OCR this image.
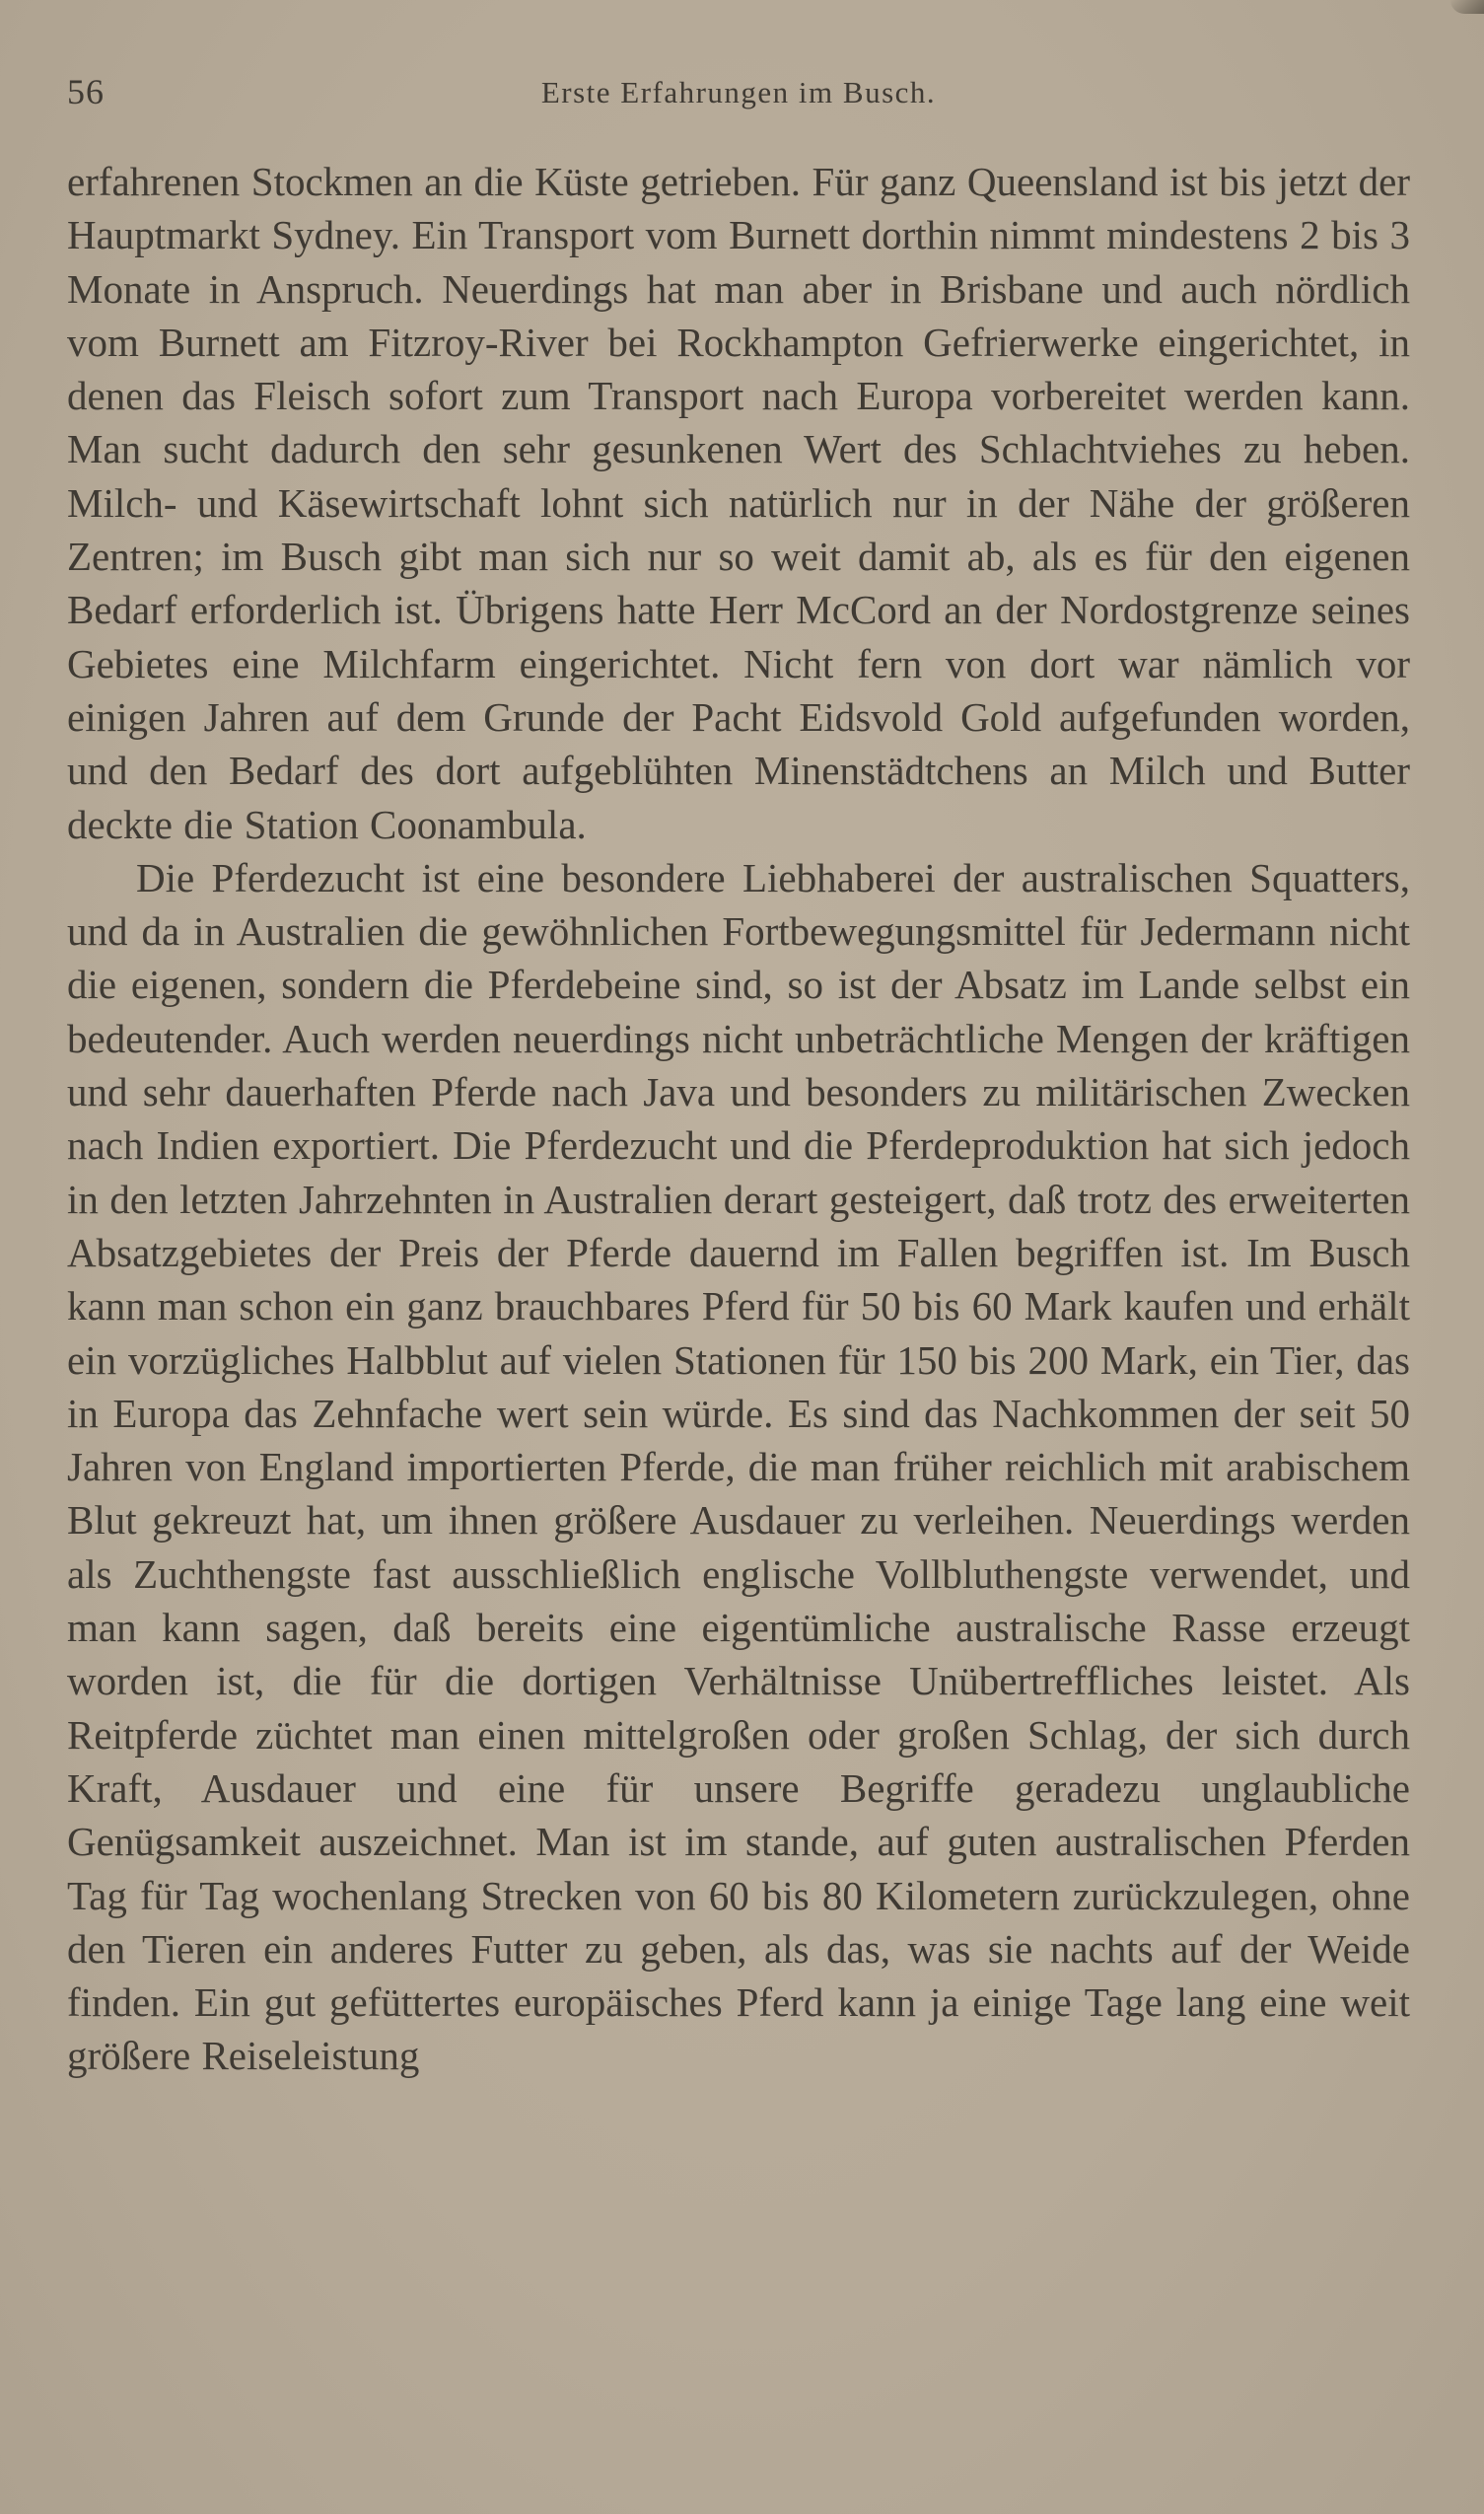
56	Erste Erfahrungen im Busch.

erfahrenen Stockmen an die Küste getrieben. Für ganz Queensland ist bis jetzt der Hauptmarkt Sydney. Ein Transport vom Burnett dorthin nimmt mindestens 2 bis 3 Monate in Anspruch. Neuerdings hat man aber in Brisbane und auch nördlich vom Burnett am Fitzroy-River bei Rockhampton Gefrierwerke eingerichtet, in denen das Fleisch sofort zum Transport nach Europa vorbereitet werden kann. Man sucht dadurch den sehr gesunkenen Wert des Schlachtviehes zu heben. Milch- und Käsewirtschaft lohnt sich natürlich nur in der Nähe der größeren Zentren; im Busch gibt man sich nur so weit damit ab, als es für den eigenen Bedarf erforderlich ist. Übrigens hatte Herr McCord an der Nordostgrenze seines Gebietes eine Milchfarm eingerichtet. Nicht fern von dort war nämlich vor einigen Jahren auf dem Grunde der Pacht Eidsvold Gold aufgefunden worden, und den Bedarf des dort aufgeblühten Minenstädtchens an Milch und Butter deckte die Station Coonambula.

Die Pferdezucht ist eine besondere Liebhaberei der australischen Squatters, und da in Australien die gewöhnlichen Fortbewegungsmittel für Jedermann nicht die eigenen, sondern die Pferdebeine sind, so ist der Absatz im Lande selbst ein bedeutender. Auch werden neuerdings nicht unbeträchtliche Mengen der kräftigen und sehr dauerhaften Pferde nach Java und besonders zu militärischen Zwecken nach Indien exportiert. Die Pferdezucht und die Pferdeproduktion hat sich jedoch in den letzten Jahrzehnten in Australien derart gesteigert, daß trotz des erweiterten Absatzgebietes der Preis der Pferde dauernd im Fallen begriffen ist. Im Busch kann man schon ein ganz brauchbares Pferd für 50 bis 60 Mark kaufen und erhält ein vorzügliches Halbblut auf vielen Stationen für 150 bis 200 Mark, ein Tier, das in Europa das Zehnfache wert sein würde. Es sind das Nachkommen der seit 50 Jahren von England importierten Pferde, die man früher reichlich mit arabischem Blut gekreuzt hat, um ihnen größere Ausdauer zu verleihen. Neuerdings werden als Zuchthengste fast ausschließlich englische Vollbluthengste verwendet, und man kann sagen, daß bereits eine eigentümliche australische Rasse erzeugt worden ist, die für die dortigen Verhältnisse Unübertreffliches leistet. Als Reitpferde züchtet man einen mittelgroßen oder großen Schlag, der sich durch Kraft, Ausdauer und eine für unsere Begriffe geradezu unglaubliche Genügsamkeit auszeichnet. Man ist im stande, auf guten australischen Pferden Tag für Tag wochenlang Strecken von 60 bis 80 Kilometern zurückzulegen, ohne den Tieren ein anderes Futter zu geben, als das, was sie nachts auf der Weide finden. Ein gut gefüttertes europäisches Pferd kann ja einige Tage lang eine weit größere Reiseleistung
